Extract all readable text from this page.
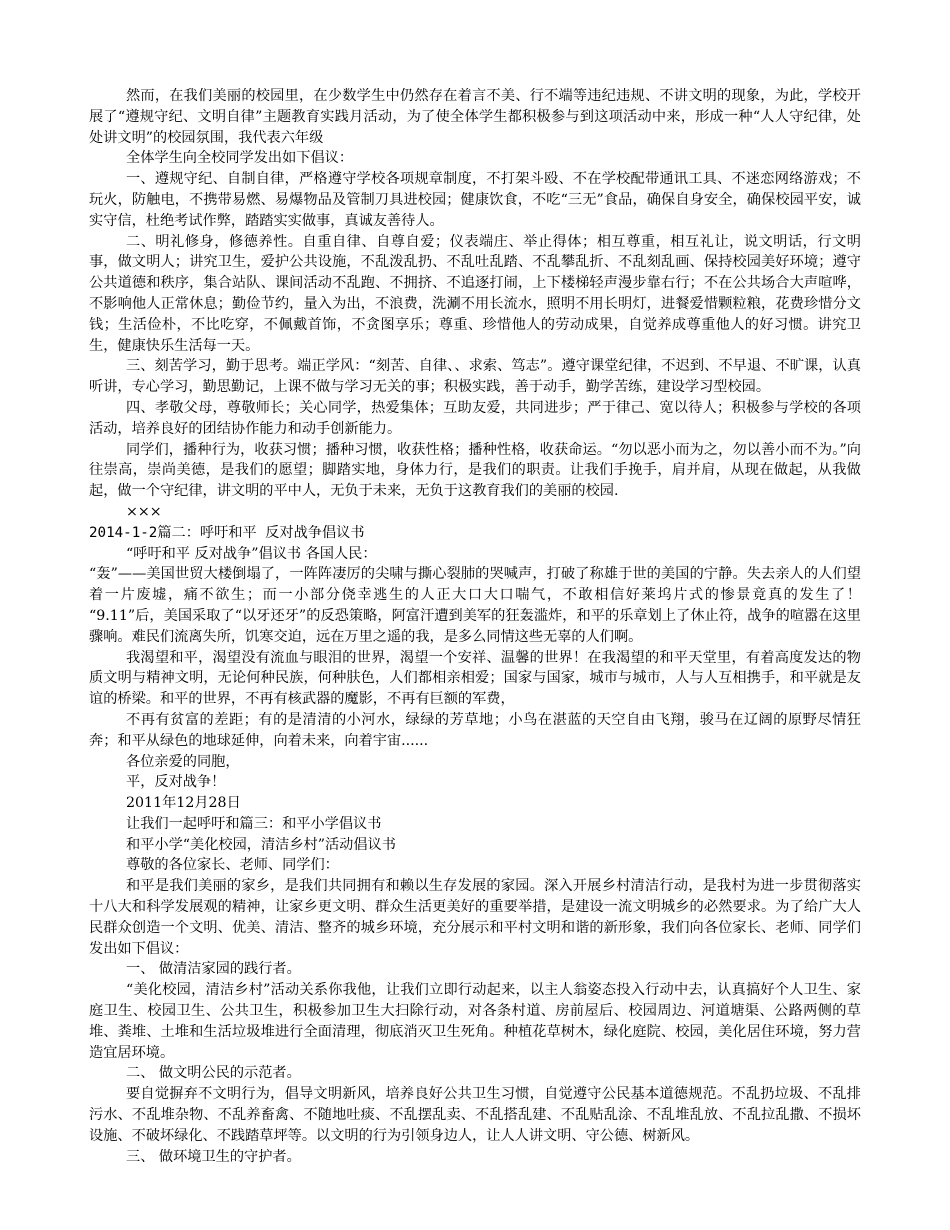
然而，在我们美丽的校园里，在少数学生中仍然存在着言不美、行不端等违纪违规、不讲文明的现象，为此，学校开展了“遵规守纪、文明自律”主题教育实践月活动，为了使全体学生都积极参与到这项活动中来，形成一种“人人守纪律，处处讲文明”的校园氛围，我代表六年级

全体学生向全校同学发出如下倡议：

一、遵规守纪、自制自律，严格遵守学校各项规章制度，不打架斗殴、不在学校配带通讯工具、不迷恋网络游戏；不玩火，防触电，不携带易燃、易爆物品及管制刀具进校园；健康饮食，不吃“三无”食品，确保自身安全，确保校园平安，诚实守信，杜绝考试作弊，踏踏实实做事，真诚友善待人。

二、明礼修身，修德养性。自重自律、自尊自爱；仪表端庄、举止得体；相互尊重，相互礼让，说文明话，行文明事，做文明人；讲究卫生，爱护公共设施，不乱泼乱扔、不乱吐乱踏、不乱攀乱折、不乱刻乱画、保持校园美好环境；遵守公共道德和秩序，集合站队、课间活动不乱跑、不拥挤、不追逐打闹，上下楼梯轻声漫步靠右行；不在公共场合大声喧哗，不影响他人正常休息；勤俭节约，量入为出，不浪费，洗涮不用长流水，照明不用长明灯，进餐爱惜颗粒粮，花费珍惜分文钱；生活俭朴，不比吃穿，不佩戴首饰，不贪图享乐；尊重、珍惜他人的劳动成果，自觉养成尊重他人的好习惯。讲究卫生，健康快乐生活每一天。

三、刻苦学习，勤于思考。端正学风：“刻苦、自律、、求索、笃志”。遵守课堂纪律，不迟到、不早退、不旷课，认真听讲，专心学习，勤思勤记，上课不做与学习无关的事；积极实践，善于动手，勤学苦练，建设学习型校园。

四、孝敬父母，尊敬师长；关心同学，热爱集体；互助友爱，共同进步；严于律己、宽以待人；积极参与学校的各项活动，培养良好的团结协作能力和动手创新能力。

同学们，播种行为，收获习惯；播种习惯，收获性格；播种性格，收获命运。“勿以恶小而为之，勿以善小而不为。”向往崇高，崇尚美德，是我们的愿望；脚踏实地，身体力行，是我们的职责。让我们手挽手，肩并肩，从现在做起，从我做起，做一个守纪律，讲文明的平中人，无负于未来，无负于这教育我们的美丽的校园.

×××

2014-1-2篇二：呼吁和平 反对战争倡议书

“呼吁和平 反对战争”倡议书 各国人民：

“轰”——美国世贸大楼倒塌了，一阵阵凄厉的尖啸与撕心裂肺的哭喊声，打破了称雄于世的美国的宁静。失去亲人的人们望着一片废墟，痛不欲生；而一小部分侥幸逃生的人正大口大口喘气，不敢相信好莱坞片式的惨景竟真的发生了！ “9.11”后，美国采取了“以牙还牙”的反恐策略，阿富汗遭到美军的狂轰滥炸，和平的乐章划上了休止符，战争的喧嚣在这里骤响。难民们流离失所，饥寒交迫，远在万里之遥的我，是多么同情这些无辜的人们啊。

我渴望和平，渴望没有流血与眼泪的世界，渴望一个安祥、温馨的世界！在我渴望的和平天堂里，有着高度发达的物质文明与精神文明，无论何种民族，何种肤色，人们都相亲相爱；国家与国家，城市与城市，人与人互相携手，和平就是友谊的桥梁。和平的世界，不再有核武器的魔影，不再有巨额的军费，

不再有贫富的差距；有的是清清的小河水，绿绿的芳草地；小鸟在湛蓝的天空自由飞翔，骏马在辽阔的原野尽情狂奔；和平从绿色的地球延伸，向着未来，向着宇宙......

各位亲爱的同胞，

平，反对战争！

2011年12月28日

让我们一起呼吁和篇三：和平小学倡议书

和平小学“美化校园，清洁乡村”活动倡议书

尊敬的各位家长、老师、同学们：

和平是我们美丽的家乡，是我们共同拥有和赖以生存发展的家园。深入开展乡村清洁行动，是我村为进一步贯彻落实十八大和科学发展观的精神，让家乡更文明、群众生活更美好的重要举措，是建设一流文明城乡的必然要求。为了给广大人民群众创造一个文明、优美、清洁、整齐的城乡环境，充分展示和平村文明和谐的新形象，我们向各位家长、老师、同学们发出如下倡议：

一、 做清洁家园的践行者。

“美化校园，清洁乡村”活动关系你我他，让我们立即行动起来，以主人翁姿态投入行动中去，认真搞好个人卫生、家庭卫生、校园卫生、公共卫生，积极参加卫生大扫除行动，对各条村道、房前屋后、校园周边、河道塘渠、公路两侧的草堆、粪堆、土堆和生活垃圾堆进行全面清理，彻底消灭卫生死角。种植花草树木，绿化庭院、校园，美化居住环境，努力营造宜居环境。

二、 做文明公民的示范者。

要自觉摒弃不文明行为，倡导文明新风，培养良好公共卫生习惯，自觉遵守公民基本道德规范。不乱扔垃圾、不乱排污水、不乱堆杂物、不乱养畜禽、不随地吐痰、不乱摆乱卖、不乱搭乱建、不乱贴乱涂、不乱堆乱放、不乱拉乱撒、不损坏设施、不破坏绿化、不践踏草坪等。以文明的行为引领身边人，让人人讲文明、守公德、树新风。

三、 做环境卫生的守护者。
